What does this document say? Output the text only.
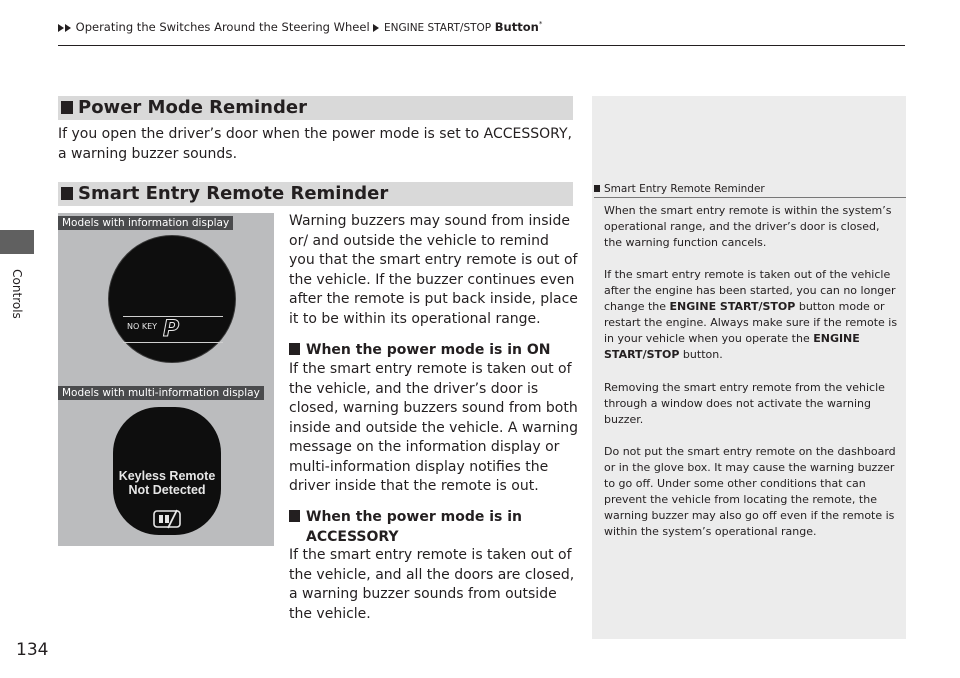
Operating the Switches Around the Steering Wheel ENGINE START/STOP Button*
Controls
Power Mode Reminder
If you open the driver’s door when the power mode is set to ACCESSORY, a warning buzzer sounds.
Smart Entry Remote Reminder
Models with information display
NO KEY P
Models with multi-information display
Keyless Remote
Not Detected
Warning buzzers may sound from inside or/ and outside the vehicle to remind you that the smart entry remote is out of the vehicle. If the buzzer continues even after the remote is put back inside, place it to be within its operational range.
When the power mode is in ON
If the smart entry remote is taken out of the vehicle, and the driver’s door is closed, warning buzzers sound from both inside and outside the vehicle. A warning message on the information display or multi-information display notifies the driver inside that the remote is out.
When the power mode is in
ACCESSORY
If the smart entry remote is taken out of the vehicle, and all the doors are closed, a warning buzzer sounds from outside the vehicle.
Smart Entry Remote Reminder
When the smart entry remote is within the system’s operational range, and the driver’s door is closed, the warning function cancels.
If the smart entry remote is taken out of the vehicle after the engine has been started, you can no longer change the ENGINE START/STOP button mode or restart the engine. Always make sure if the remote is in your vehicle when you operate the ENGINE START/STOP button.
Removing the smart entry remote from the vehicle through a window does not activate the warning buzzer.
Do not put the smart entry remote on the dashboard or in the glove box. It may cause the warning buzzer to go off. Under some other conditions that can prevent the vehicle from locating the remote, the warning buzzer may also go off even if the remote is within the system’s operational range.
134
